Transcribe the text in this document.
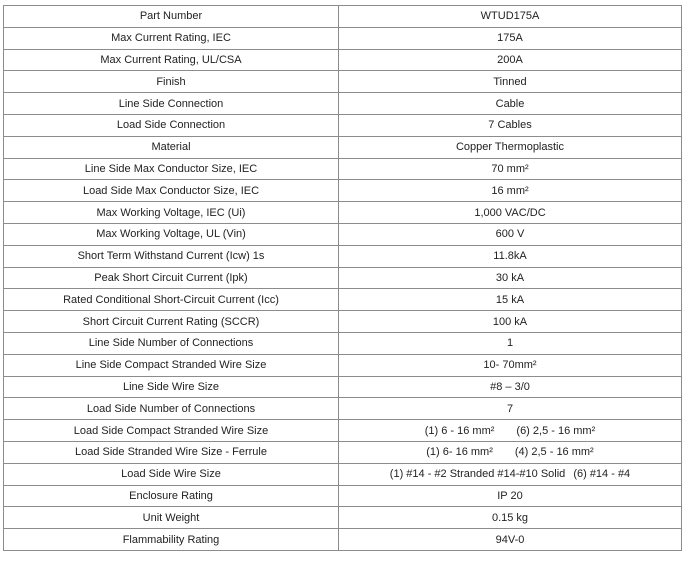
Part Number	WTUD175A
Max Current Rating, IEC	175A
Max Current Rating, UL/CSA	200A
Finish	Tinned
Line Side Connection	Cable
Load Side Connection	7 Cables
Material	Copper Thermoplastic
Line Side Max Conductor Size, IEC	70 mm²
Load Side Max Conductor Size, IEC	16 mm²
Max Working Voltage, IEC (Ui)	1,000 VAC/DC
Max Working Voltage, UL (Vin)	600 V
Short Term Withstand Current (Icw) 1s	11.8kA
Peak Short Circuit Current (Ipk)	30 kA
Rated Conditional Short-Circuit Current (Icc)	15 kA
Short Circuit Current Rating (SCCR)	100 kA
Line Side Number of Connections	1
Line Side Compact Stranded Wire Size	10- 70mm²
Line Side Wire Size	#8 – 3/0
Load Side Number of Connections	7
Load Side Compact Stranded Wire Size	(1) 6 - 16 mm² (6) 2,5 - 16 mm²
Load Side Stranded Wire Size - Ferrule	(1) 6- 16 mm² (4) 2,5 - 16 mm²
Load Side Wire Size	(1) #14 - #2 Stranded #14-#10 Solid (6) #14 - #4
Enclosure Rating	IP 20
Unit Weight	0.15 kg
Flammability Rating	94V-0
